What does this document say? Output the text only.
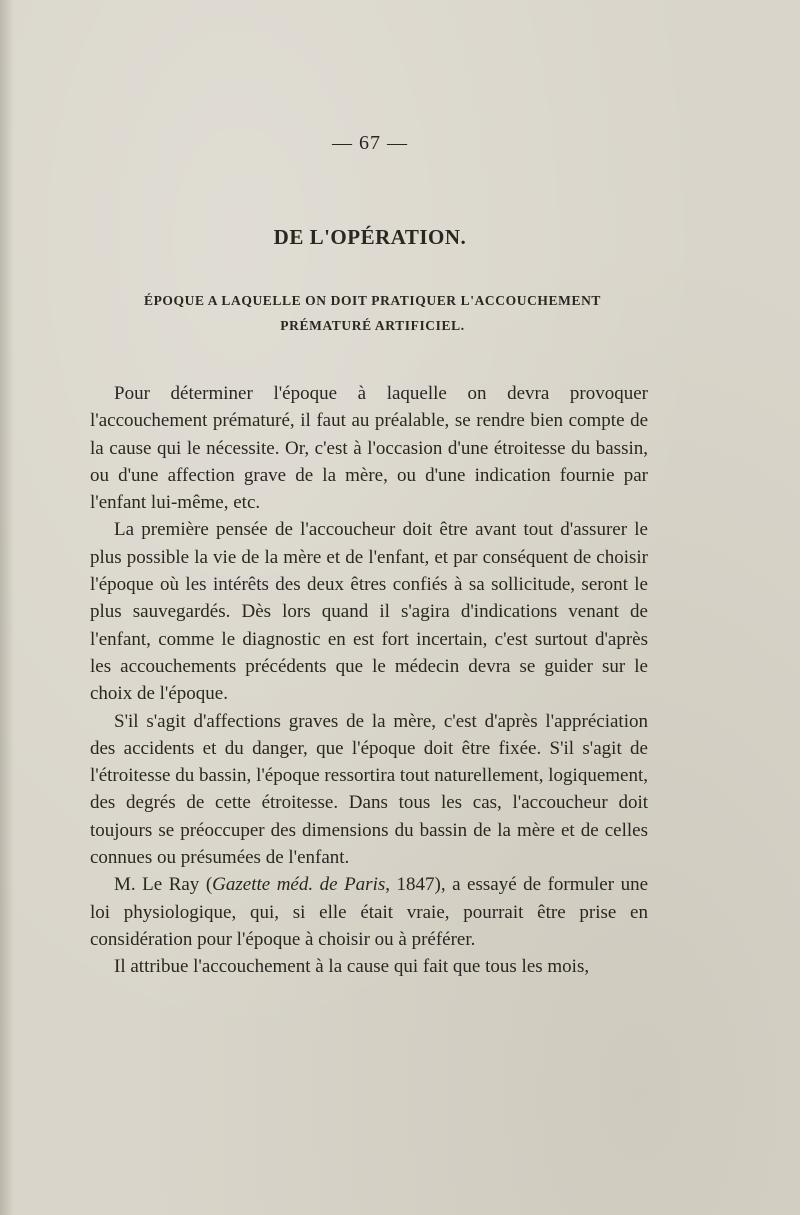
— 67 —
DE L'OPÉRATION.
ÉPOQUE A LAQUELLE ON DOIT PRATIQUER L'ACCOUCHEMENT PRÉMATURÉ ARTIFICIEL.

Pour déterminer l'époque à laquelle on devra provoquer l'accouchement prématuré, il faut au préalable, se rendre bien compte de la cause qui le nécessite. Or, c'est à l'occasion d'une étroitesse du bassin, ou d'une affection grave de la mère, ou d'une indication fournie par l'enfant lui-même, etc.

La première pensée de l'accoucheur doit être avant tout d'assurer le plus possible la vie de la mère et de l'enfant, et par conséquent de choisir l'époque où les intérêts des deux êtres confiés à sa sollicitude, seront le plus sauvegardés. Dès lors quand il s'agira d'indications venant de l'enfant, comme le diagnostic en est fort incertain, c'est surtout d'après les accouchements précédents que le médecin devra se guider sur le choix de l'époque.

S'il s'agit d'affections graves de la mère, c'est d'après l'appréciation des accidents et du danger, que l'époque doit être fixée. S'il s'agit de l'étroitesse du bassin, l'époque ressortira tout naturellement, logiquement, des degrés de cette étroitesse. Dans tous les cas, l'accoucheur doit toujours se préoccuper des dimensions du bassin de la mère et de celles connues ou présumées de l'enfant.

M. Le Ray (Gazette méd. de Paris, 1847), a essayé de formuler une loi physiologique, qui, si elle était vraie, pourrait être prise en considération pour l'époque à choisir ou à préférer.

Il attribue l'accouchement à la cause qui fait que tous les mois,
